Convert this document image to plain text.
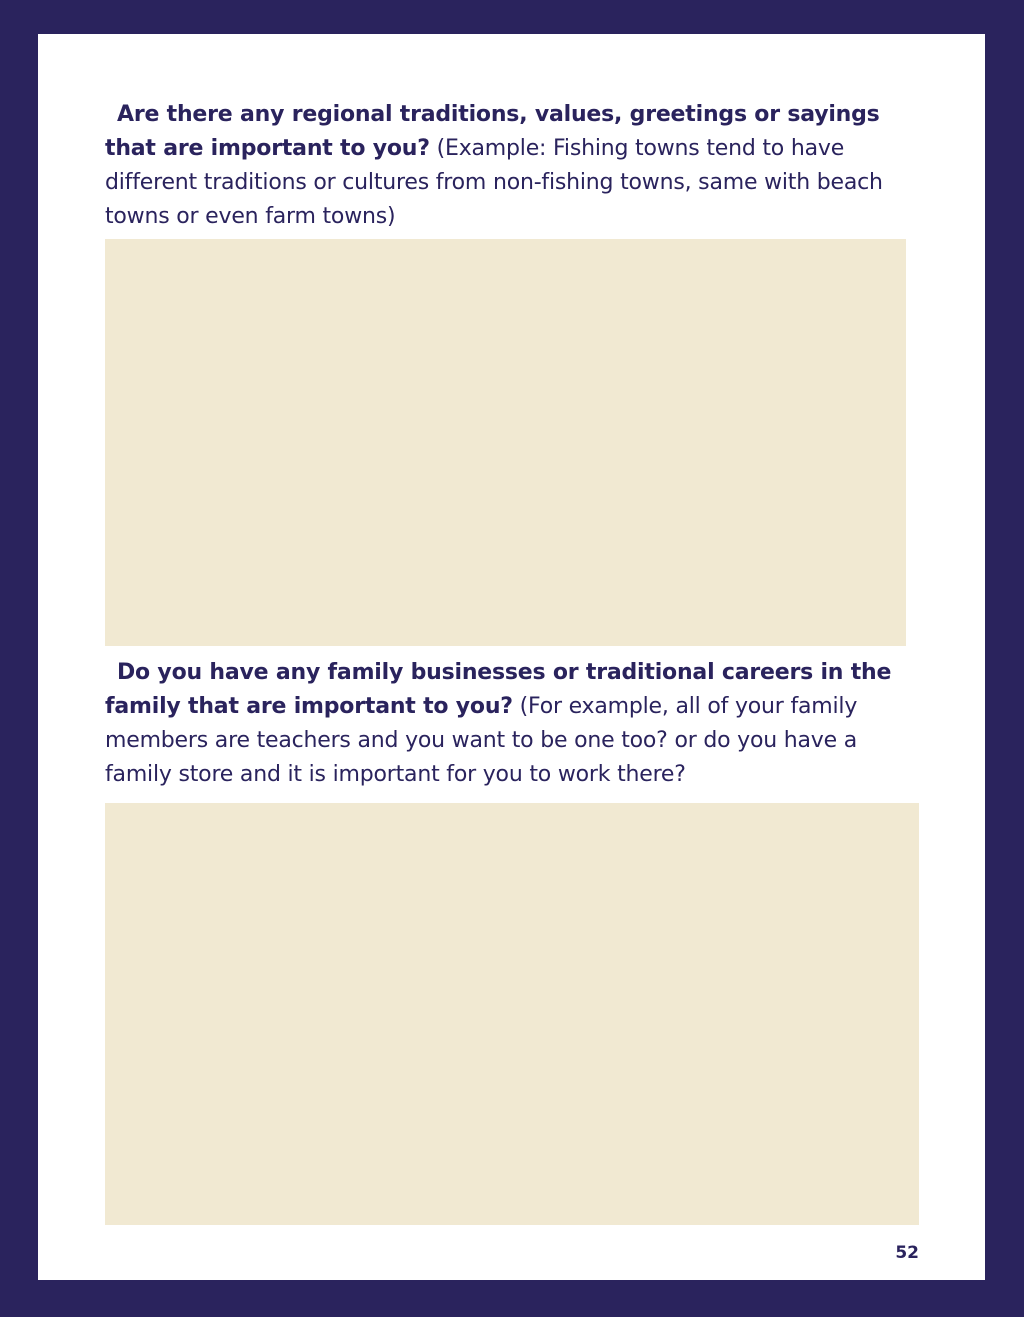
Are there any regional traditions, values, greetings or sayings that are important to you? (Example: Fishing towns tend to have different traditions or cultures from non-fishing towns, same with beach towns or even farm towns)

Do you have any family businesses or traditional careers in the family that are important to you? (For example, all of your family members are teachers and you want to be one too? or do you have a family store and it is important for you to work there?

52
